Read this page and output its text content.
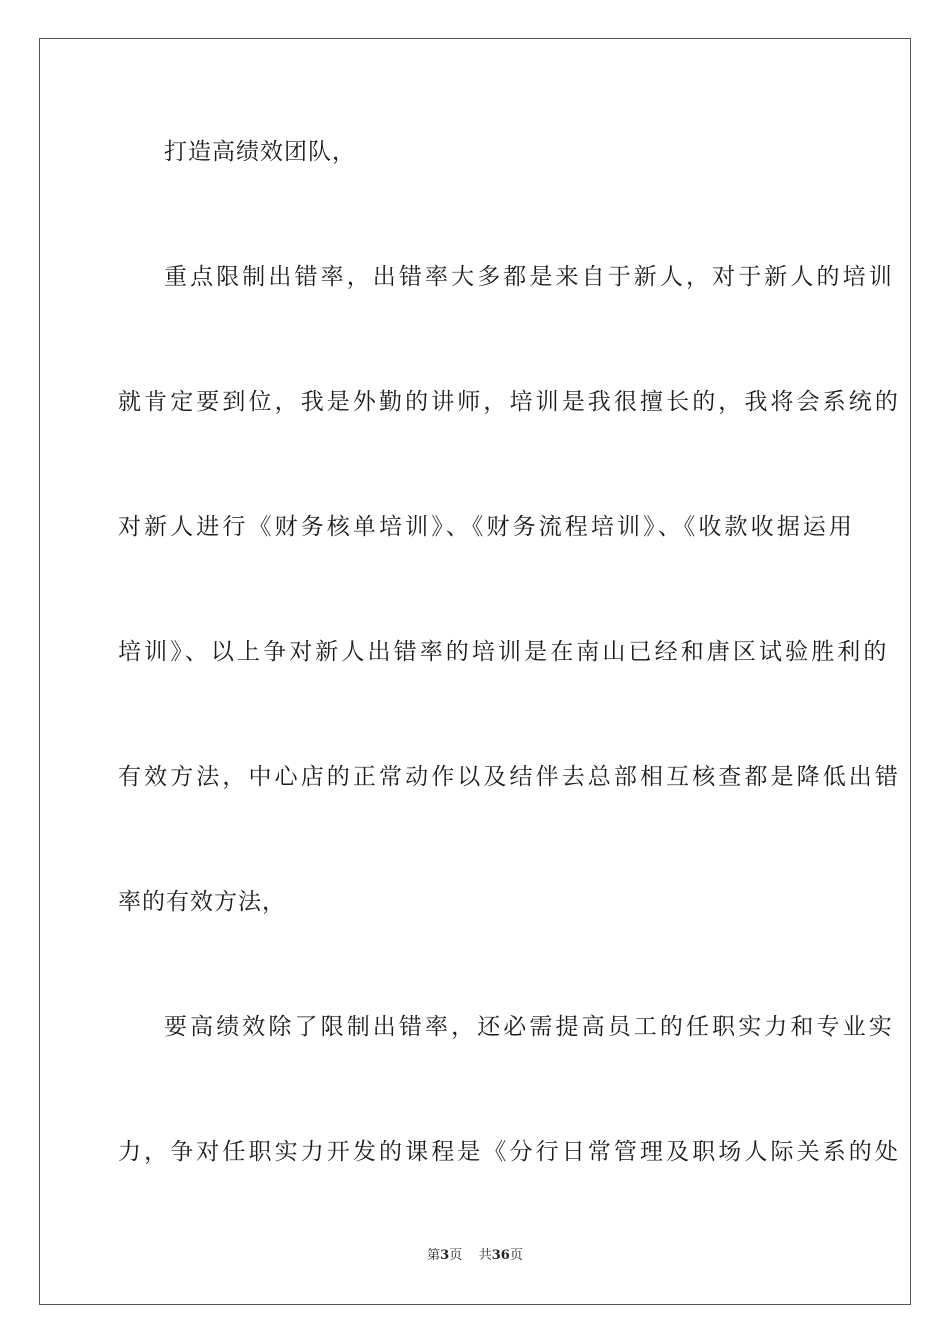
打造高绩效团队，
重点限制出错率，出错率大多都是来自于新人，对于新人的培训
就肯定要到位，我是外勤的讲师，培训是我很擅长的，我将会系统的
对新人进行《财务核单培训》、《财务流程培训》、《收款收据运用
培训》、以上争对新人出错率的培训是在南山已经和唐区试验胜利的
有效方法，中心店的正常动作以及结伴去总部相互核查都是降低出错
率的有效方法，
要高绩效除了限制出错率，还必需提高员工的任职实力和专业实
力，争对任职实力开发的课程是《分行日常管理及职场人际关系的处
第3页 共36页
